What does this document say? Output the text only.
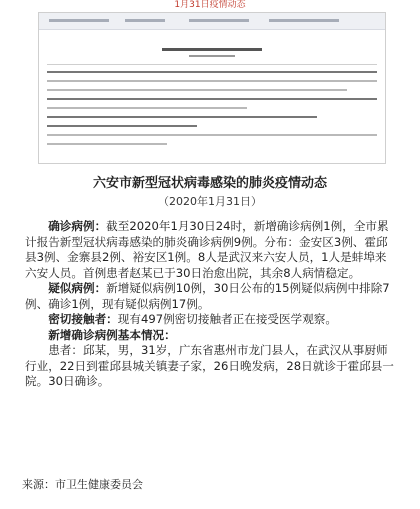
1月31日疫情动态
六安市新型冠状病毒感染的肺炎疫情动态
（2020年1月31日）

确诊病例：截至2020年1月30日24时，新增确诊病例1例，全市累计报告新型冠状病毒感染的肺炎确诊病例9例。分布：金安区3例、霍邱县3例、金寨县2例、裕安区1例。8人是武汉来六安人员，1人是蚌埠来六安人员。首例患者赵某已于30日治愈出院，其余8人病情稳定。

疑似病例：新增疑似病例10例，30日公布的15例疑似病例中排除7例、确诊1例，现有疑似病例17例。

密切接触者：现有497例密切接触者正在接受医学观察。

新增确诊病例基本情况：

患者：邱某，男，31岁，广东省惠州市龙门县人，在武汉从事厨师行业，22日到霍邱县城关镇妻子家，26日晚发病，28日就诊于霍邱县一院。30日确诊。

来源：市卫生健康委员会
